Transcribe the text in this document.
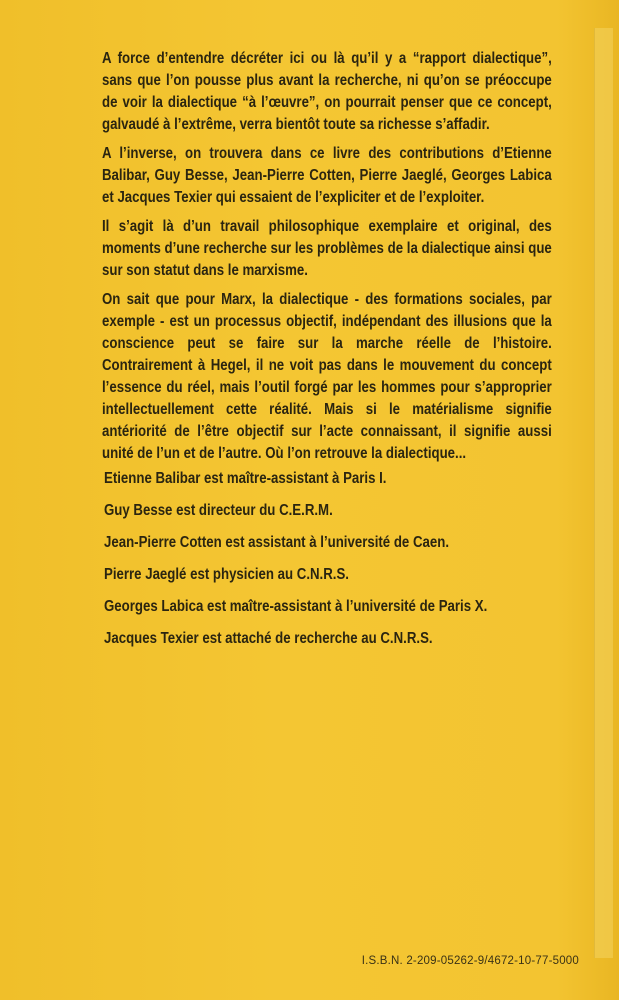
A force d’entendre décréter ici ou là qu’il y a “rapport dialectique”, sans que l’on pousse plus avant la recherche, ni qu’on se préoccupe de voir la dialectique “à l’œuvre”, on pourrait penser que ce concept, galvaudé à l’extrême, verra bientôt toute sa richesse s’affadir.

A l’inverse, on trouvera dans ce livre des contributions d’Etienne Balibar, Guy Besse, Jean-Pierre Cotten, Pierre Jaeglé, Georges Labica et Jacques Texier qui essaient de l’expliciter et de l’exploiter.

Il s’agit là d’un travail philosophique exemplaire et original, des moments d’une recherche sur les problèmes de la dialectique ainsi que sur son statut dans le marxisme.

On sait que pour Marx, la dialectique - des formations sociales, par exemple - est un processus objectif, indépendant des illusions que la conscience peut se faire sur la marche réelle de l’histoire. Contrairement à Hegel, il ne voit pas dans le mouvement du concept l’essence du réel, mais l’outil forgé par les hommes pour s’approprier intellectuellement cette réalité. Mais si le matérialisme signifie antériorité de l’être objectif sur l’acte connaissant, il signifie aussi unité de l’un et de l’autre. Où l’on retrouve la dialectique...

Etienne Balibar est maître-assistant à Paris I.
Guy Besse est directeur du C.E.R.M.
Jean-Pierre Cotten est assistant à l’université de Caen.
Pierre Jaeglé est physicien au C.N.R.S.
Georges Labica est maître-assistant à l’université de Paris X.
Jacques Texier est attaché de recherche au C.N.R.S.
I.S.B.N. 2-209-05262-9/4672-10-77-5000
